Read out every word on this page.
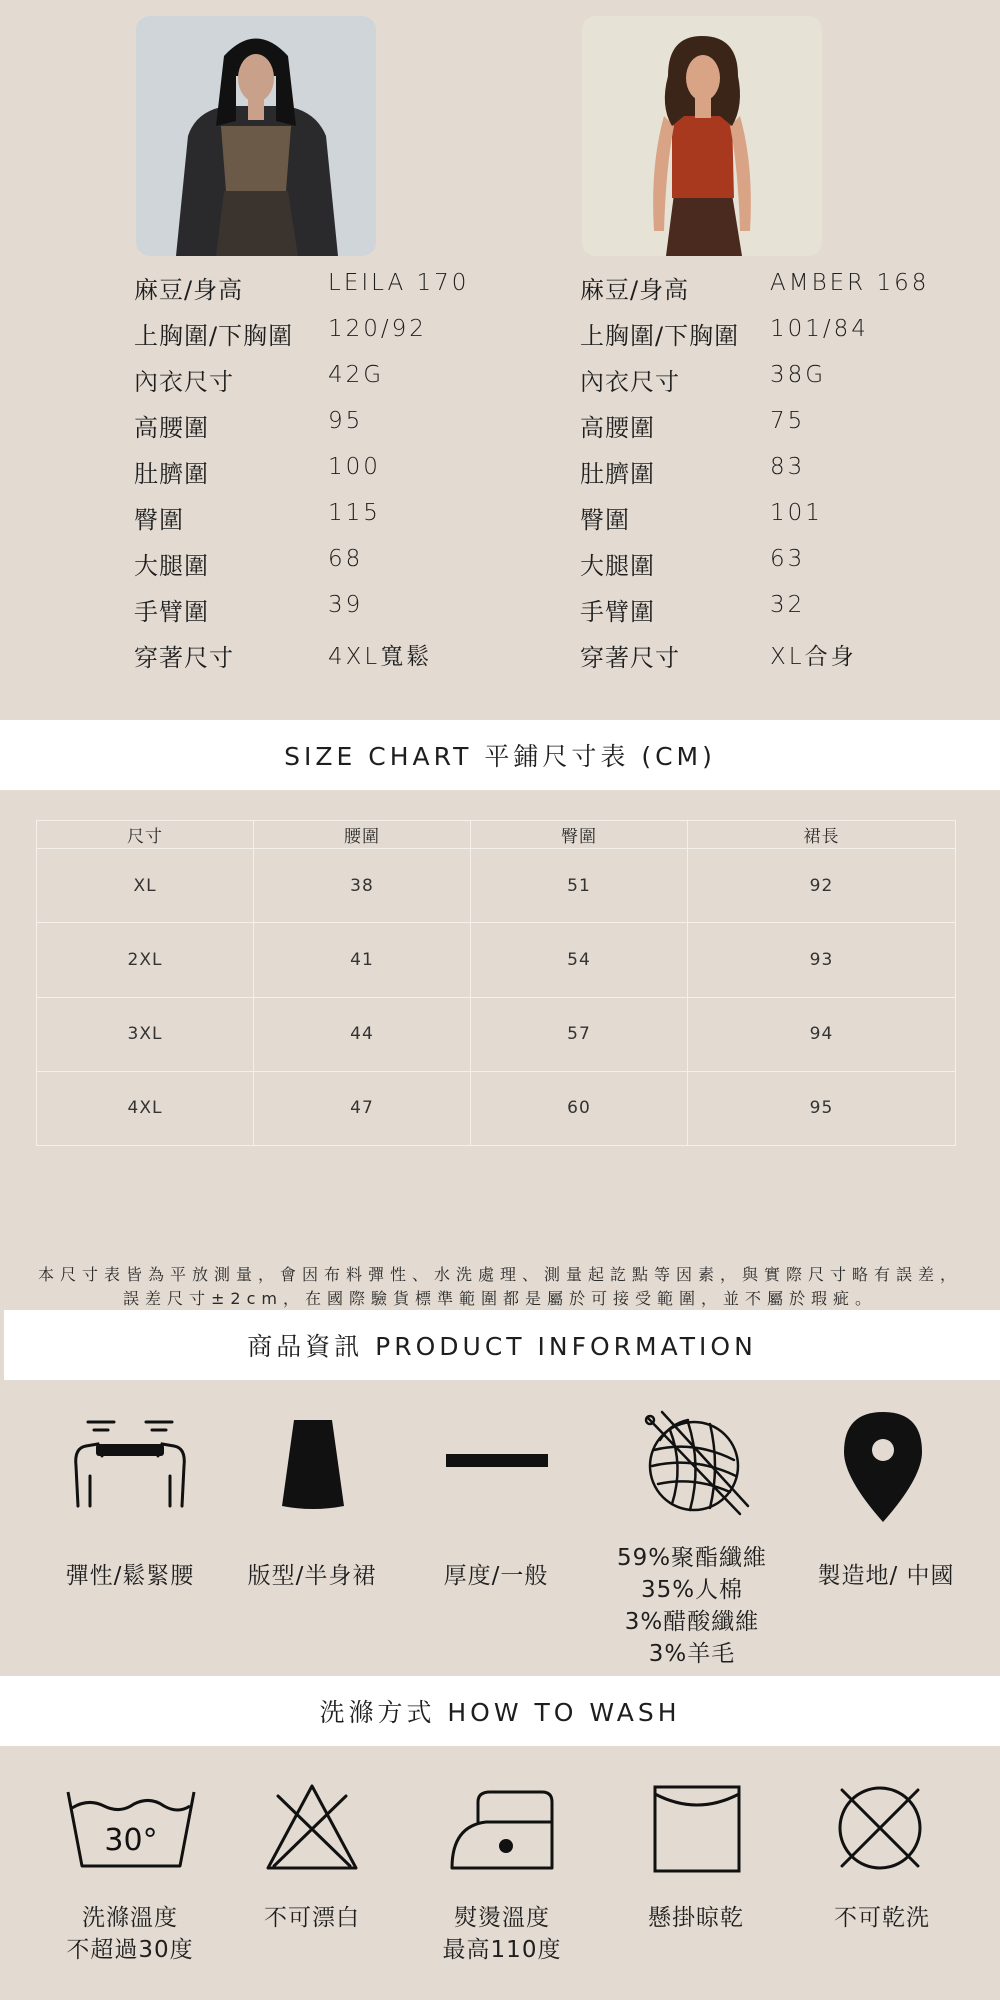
麻豆/身高	LEILA 170
上胸圍/下胸圍 120/92
內衣尺寸	42G
高腰圍	95
肚臍圍	100
臀圍	115
大腿圍	68
手臂圍	39
穿著尺寸	4XL寬鬆
麻豆/身高	AMBER 168
上胸圍/下胸圍 101/84
內衣尺寸	38G
高腰圍	75
肚臍圍	83
臀圍	101
大腿圍	63
手臂圍	32
穿著尺寸	XL合身
SIZE CHART 平鋪尺寸表 (CM)
尺寸	腰圍	臀圍	裙長
XL	38	51	92
2XL	41	54	93
3XL	44	57	94
4XL	47	60	95
本尺寸表皆為平放測量，會因布料彈性、水洗處理、測量起訖點等因素，與實際尺寸略有誤差，
誤差尺寸±2cm，在國際驗貨標準範圍都是屬於可接受範圍，並不屬於瑕疵。
商品資訊 PRODUCT INFORMATION
彈性/鬆緊腰	版型/半身裙	厚度/一般
59%聚酯纖維
35%人棉
3%醋酸纖維
3%羊毛
製造地/ 中國
洗滌方式 HOW TO WASH
30°
洗滌溫度
不超過30度
不可漂白	熨燙溫度
最高110度
懸掛晾乾	不可乾洗
